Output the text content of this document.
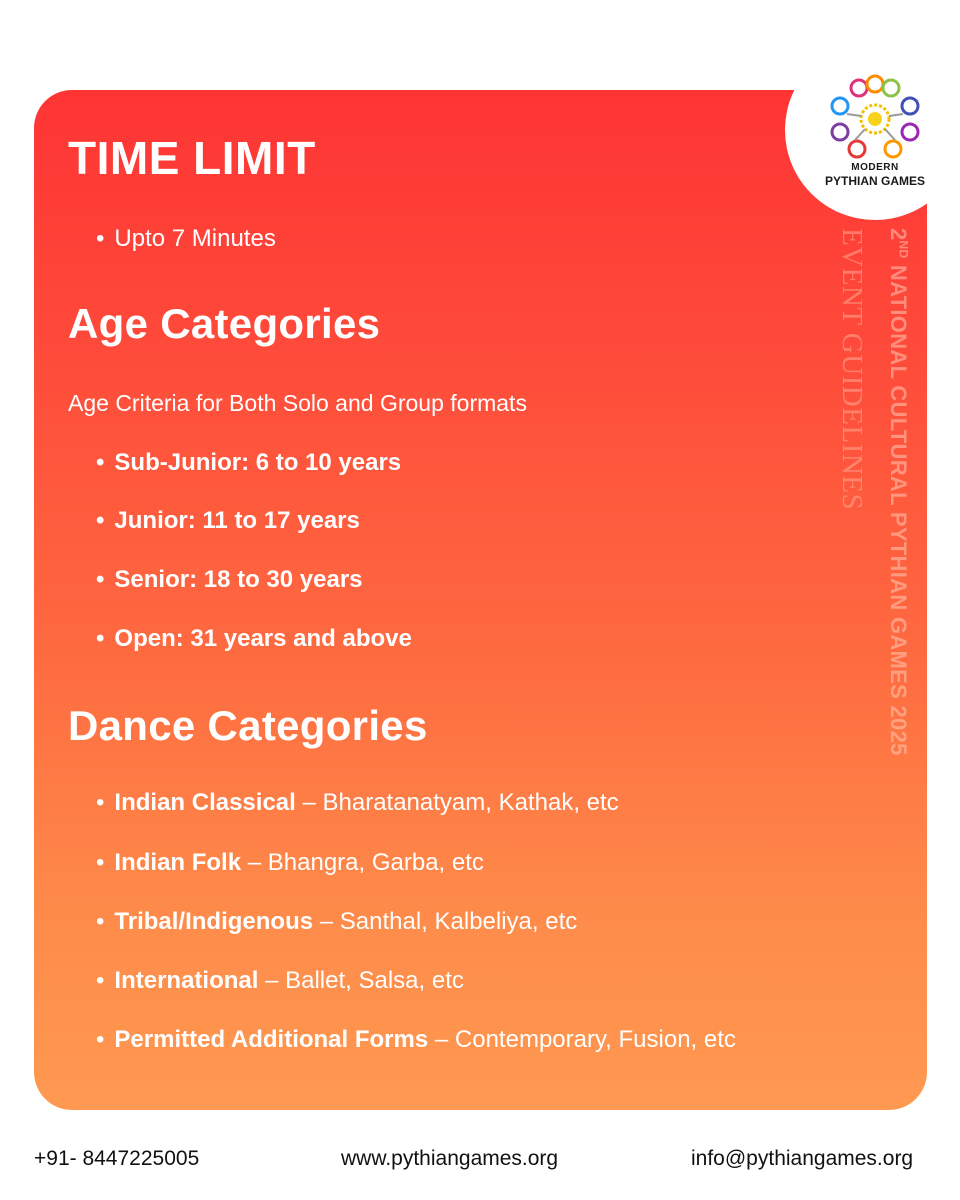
2ND NATIONAL CULTURAL PYTHIAN GAMES 2025
EVENT GUIDELINES
MODERN
PYTHIAN GAMES
TIME LIMIT
• Upto 7 Minutes
Age Categories
Age Criteria for Both Solo and Group formats
• Sub-Junior: 6 to 10 years
• Junior: 11 to 17 years
• Senior: 18 to 30 years
• Open: 31 years and above
Dance Categories
• Indian Classical – Bharatanatyam, Kathak, etc
• Indian Folk – Bhangra, Garba, etc
• Tribal/Indigenous – Santhal, Kalbeliya, etc
• International – Ballet, Salsa, etc
• Permitted Additional Forms – Contemporary, Fusion, etc
+91- 8447225005	www.pythiangames.org	info@pythiangames.org
